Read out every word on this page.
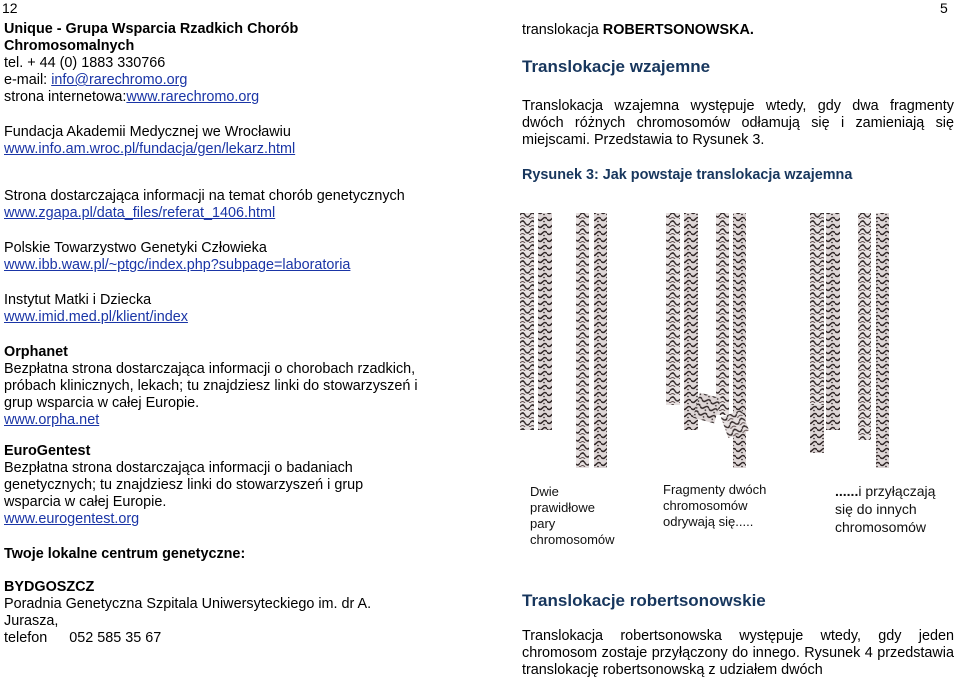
12
Unique - Grupa Wsparcia Rzadkich Chorób
Chromosomalnych
tel. + 44 (0) 1883 330766
e-mail: info@rarechromo.org
strona internetowa:www.rarechromo.org
Fundacja Akademii Medycznej we Wrocławiu
www.info.am.wroc.pl/fundacja/gen/lekarz.html
Strona dostarczająca informacji na temat chorób genetycznych
www.zgapa.pl/data_files/referat_1406.html
Polskie Towarzystwo Genetyki Człowieka
www.ibb.waw.pl/~ptgc/index.php?subpage=laboratoria
Instytut Matki i Dziecka
www.imid.med.pl/klient/index
Orphanet
Bezpłatna strona dostarczająca informacji o chorobach rzadkich,
próbach klinicznych, lekach; tu znajdziesz linki do stowarzyszeń i
grup wsparcia w całej Europie.
www.orpha.net
EuroGentest
Bezpłatna strona dostarczająca informacji o badaniach
genetycznych; tu znajdziesz linki do stowarzyszeń i grup
wsparcia w całej Europie.
www.eurogentest.org
Twoje lokalne centrum genetyczne:
BYDGOSZCZ
Poradnia Genetyczna Szpitala Uniwersyteckiego im. dr A.
Jurasza,
telefon 052 585 35 67
5
translokacja ROBERTSONOWSKA.
Translokacje wzajemne
Translokacja wzajemna występuje wtedy, gdy dwa fragmenty dwóch różnych chromosomów odłamują się i zamieniają się miejscami. Przedstawia to Rysunek 3.
Rysunek 3: Jak powstaje translokacja wzajemna
Dwie
prawidłowe
pary
chromosomów
Fragmenty dwóch
chromosomów
odrywają się.....
......i przyłączają
się do innych
chromosomów
Translokacje robertsonowskie
Translokacja robertsonowska występuje wtedy, gdy jeden chromosom zostaje przyłączony do innego. Rysunek 4 przedstawia translokację robertsonowską z udziałem dwóch
